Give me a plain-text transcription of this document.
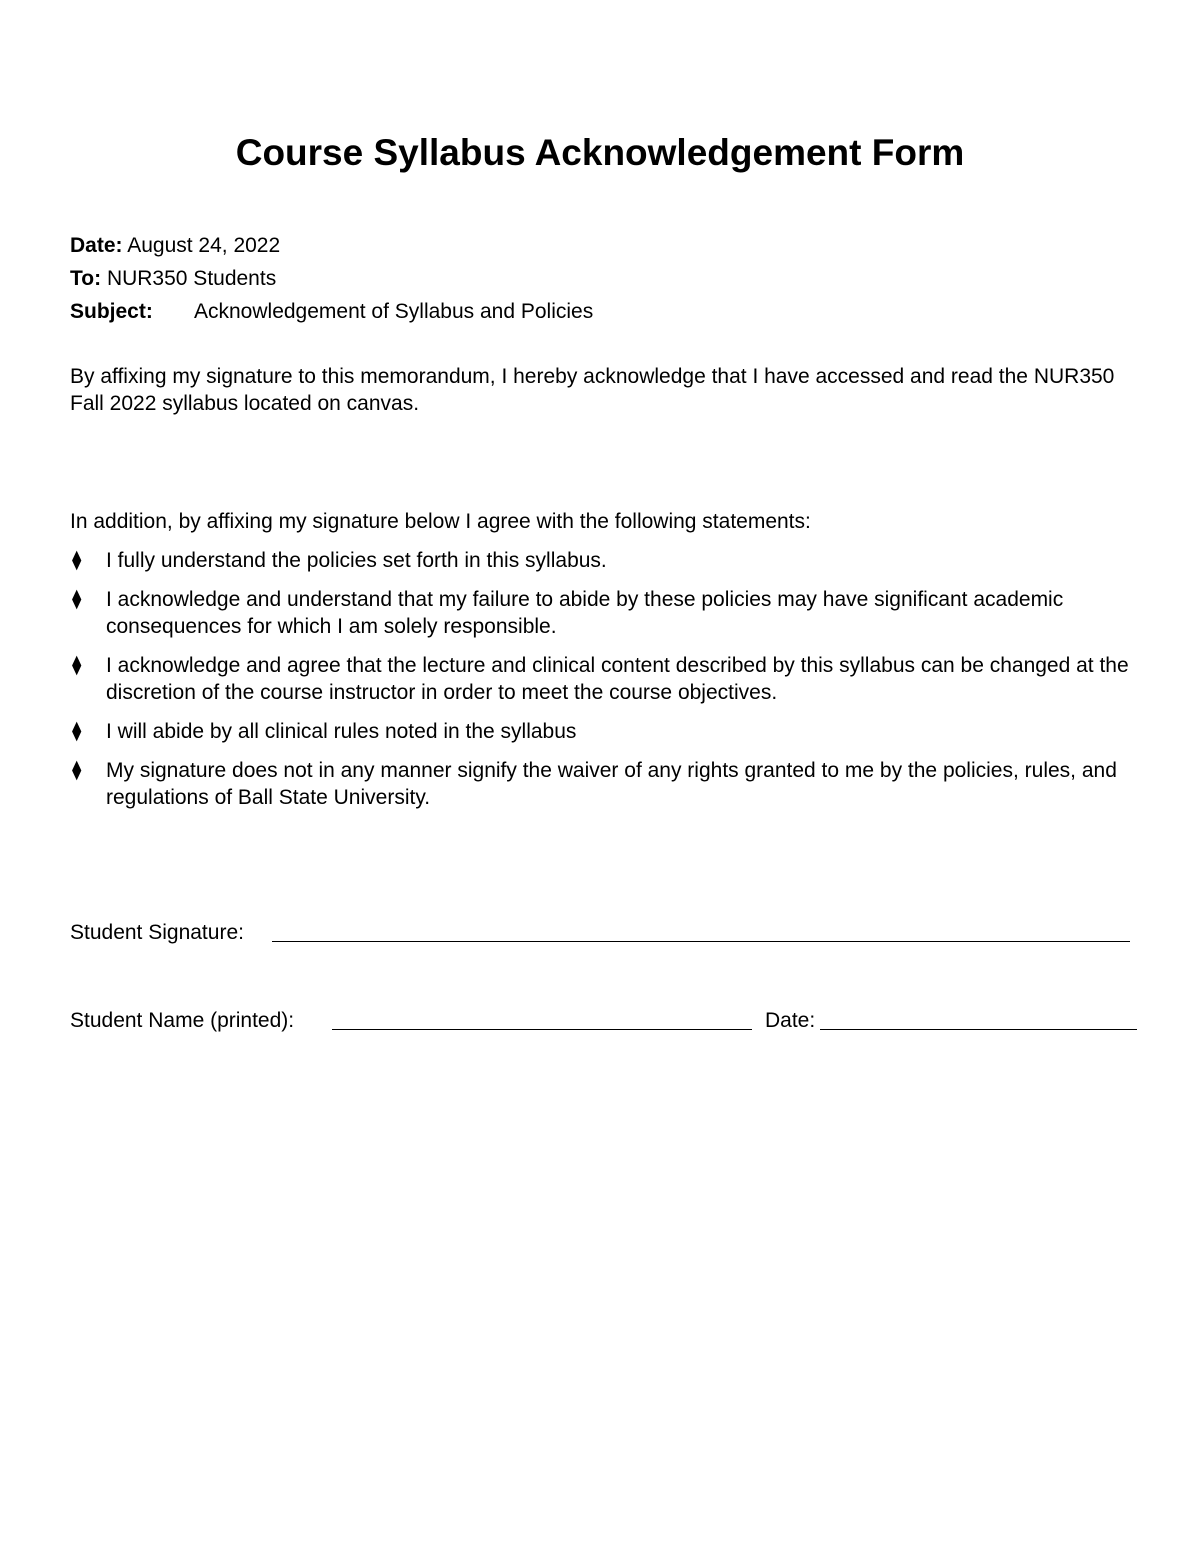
Course Syllabus Acknowledgement Form
Date: August 24, 2022
To: NUR350 Students
Subject: Acknowledgement of Syllabus and Policies

By affixing my signature to this memorandum, I hereby acknowledge that I have accessed and read the NUR350 Fall 2022 syllabus located on canvas.

In addition, by affixing my signature below I agree with the following statements:

⧫ I fully understand the policies set forth in this syllabus.
⧫ I acknowledge and understand that my failure to abide by these policies may have significant academic consequences for which I am solely responsible.
⧫ I acknowledge and agree that the lecture and clinical content described by this syllabus can be changed at the discretion of the course instructor in order to meet the course objectives.
⧫ I will abide by all clinical rules noted in the syllabus
⧫ My signature does not in any manner signify the waiver of any rights granted to me by the policies, rules, and regulations of Ball State University.
Student Signature:
Student Name (printed):	Date:
